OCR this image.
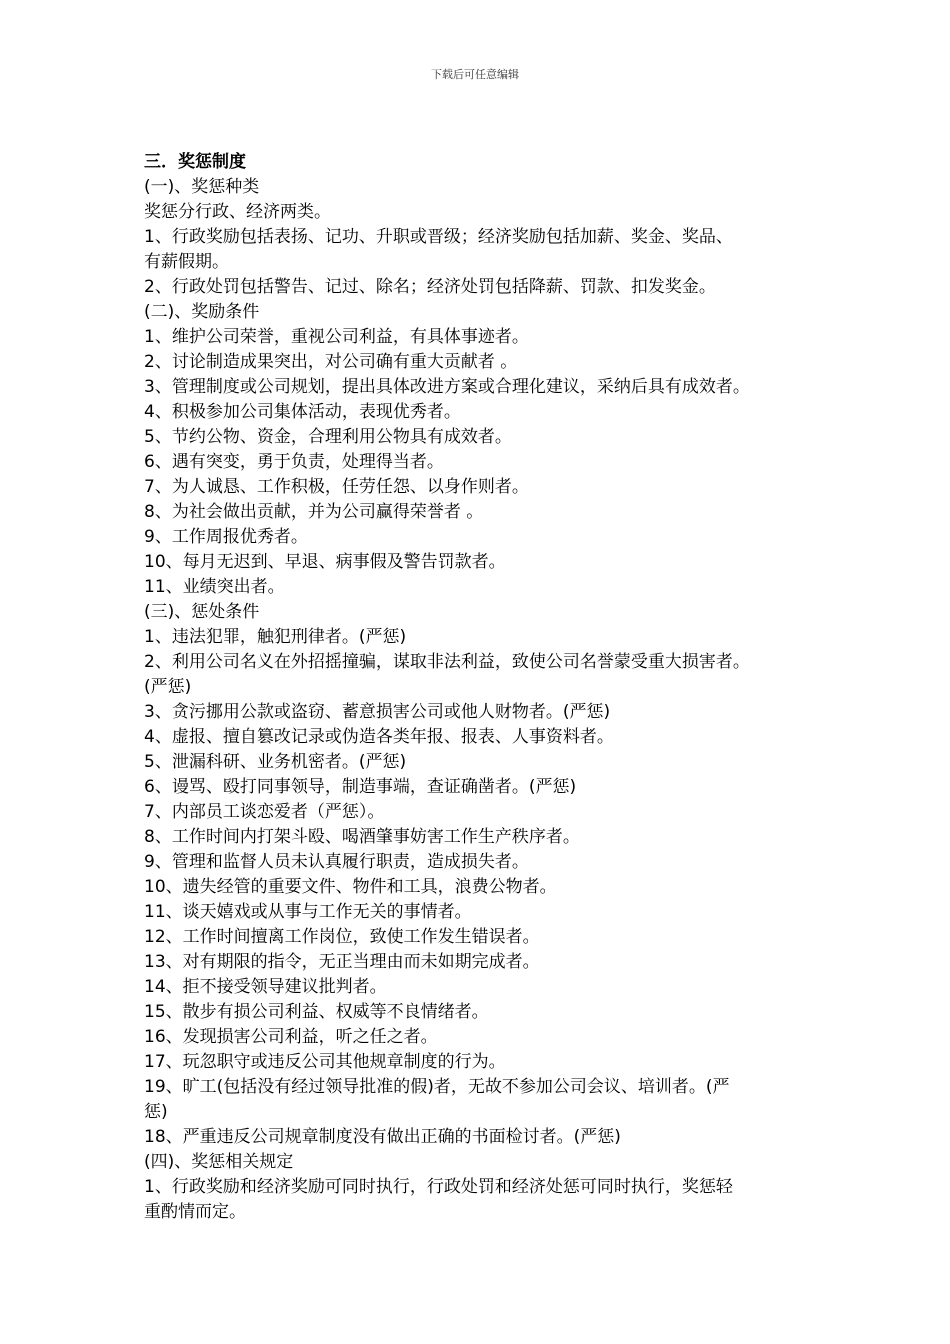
下载后可任意编辑

三．奖惩制度

(一)、奖惩种类

奖惩分行政、经济两类。

1、行政奖励包括表扬、记功、升职或晋级；经济奖励包括加薪、奖金、奖品、

有薪假期。

2、行政处罚包括警告、记过、除名；经济处罚包括降薪、罚款、扣发奖金。

(二)、奖励条件

1、维护公司荣誉，重视公司利益，有具体事迹者。

2、讨论制造成果突出，对公司确有重大贡献者 。

3、管理制度或公司规划，提出具体改进方案或合理化建议，采纳后具有成效者。

4、积极参加公司集体活动，表现优秀者。

5、节约公物、资金，合理利用公物具有成效者。

6、遇有突变，勇于负责，处理得当者。

7、为人诚恳、工作积极，任劳任怨、以身作则者。

8、为社会做出贡献，并为公司赢得荣誉者 。

9、工作周报优秀者。

10、每月无迟到、早退、病事假及警告罚款者。

11、业绩突出者。

(三)、惩处条件

1、违法犯罪，触犯刑律者。(严惩)

2、利用公司名义在外招摇撞骗，谋取非法利益，致使公司名誉蒙受重大损害者。

(严惩)

3、贪污挪用公款或盗窃、蓄意损害公司或他人财物者。(严惩)

4、虚报、擅自篡改记录或伪造各类年报、报表、人事资料者。

5、泄漏科研、业务机密者。(严惩)

6、谩骂、殴打同事领导，制造事端，查证确凿者。(严惩)

7、内部员工谈恋爱者（严惩）。

8、工作时间内打架斗殴、喝酒肇事妨害工作生产秩序者。

9、管理和监督人员未认真履行职责，造成损失者。

10、遗失经管的重要文件、物件和工具，浪费公物者。

11、谈天嬉戏或从事与工作无关的事情者。

12、工作时间擅离工作岗位，致使工作发生错误者。

13、对有期限的指令，无正当理由而未如期完成者。

14、拒不接受领导建议批判者。

15、散步有损公司利益、权威等不良情绪者。

16、发现损害公司利益，听之任之者。

17、玩忽职守或违反公司其他规章制度的行为。

19、旷工(包括没有经过领导批准的假)者，无故不参加公司会议、培训者。(严

惩)

18、严重违反公司规章制度没有做出正确的书面检讨者。(严惩)

(四)、奖惩相关规定

1、行政奖励和经济奖励可同时执行，行政处罚和经济处惩可同时执行，奖惩轻

重酌情而定。
